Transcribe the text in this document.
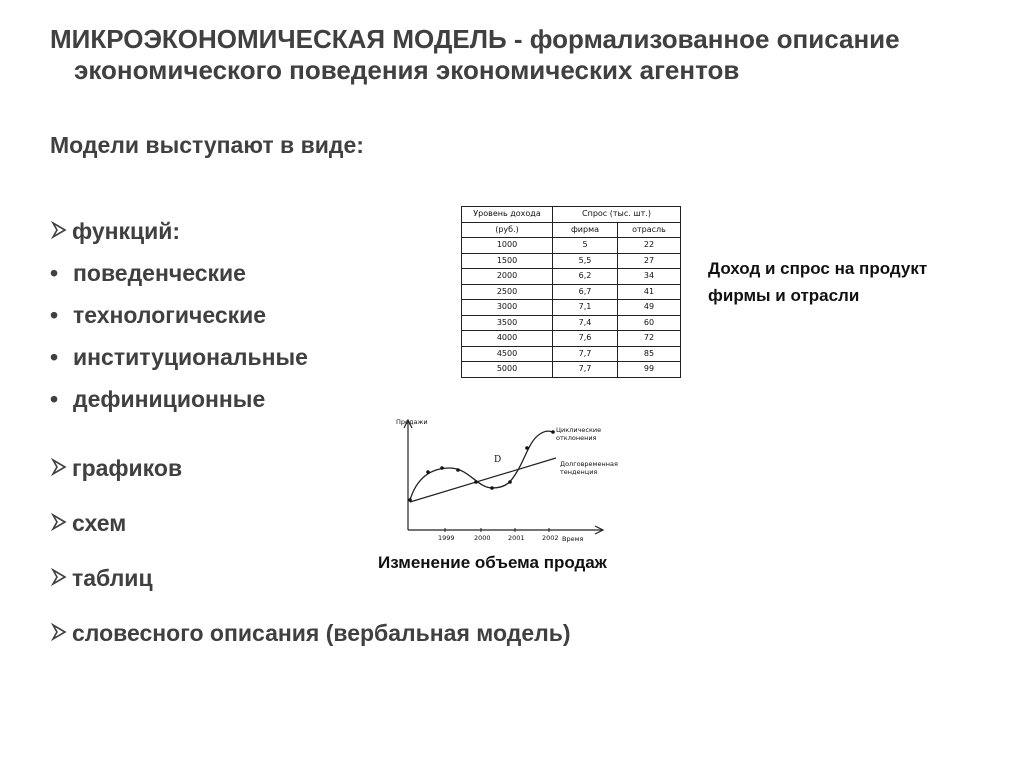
МИКРОЭКОНОМИЧЕСКАЯ МОДЕЛЬ - формализованное описание
экономического поведения экономических агентов
Модели выступают в виде:
функций:
• поведенческие
• технологические
• институциональные
• дефиниционные
графиков
схем
таблиц
словесного описания (вербальная модель)
Уровень дохода	Спрос (тыс. шт.)	
(руб.)	фирма	отрасль
1000	5	22
1500	5,5	27
2000	6,2	34
2500	6,7	41
3000	7,1	49
3500	7,4	60
4000	7,6	72
4500	7,7	85
5000	7,7	99
Доход и спрос на продукт
фирмы и отрасли
Продажи
Время
1999	2000	2001	2002
D
Циклические
отклонения
Долговременная
тенденция
Изменение объема продаж
